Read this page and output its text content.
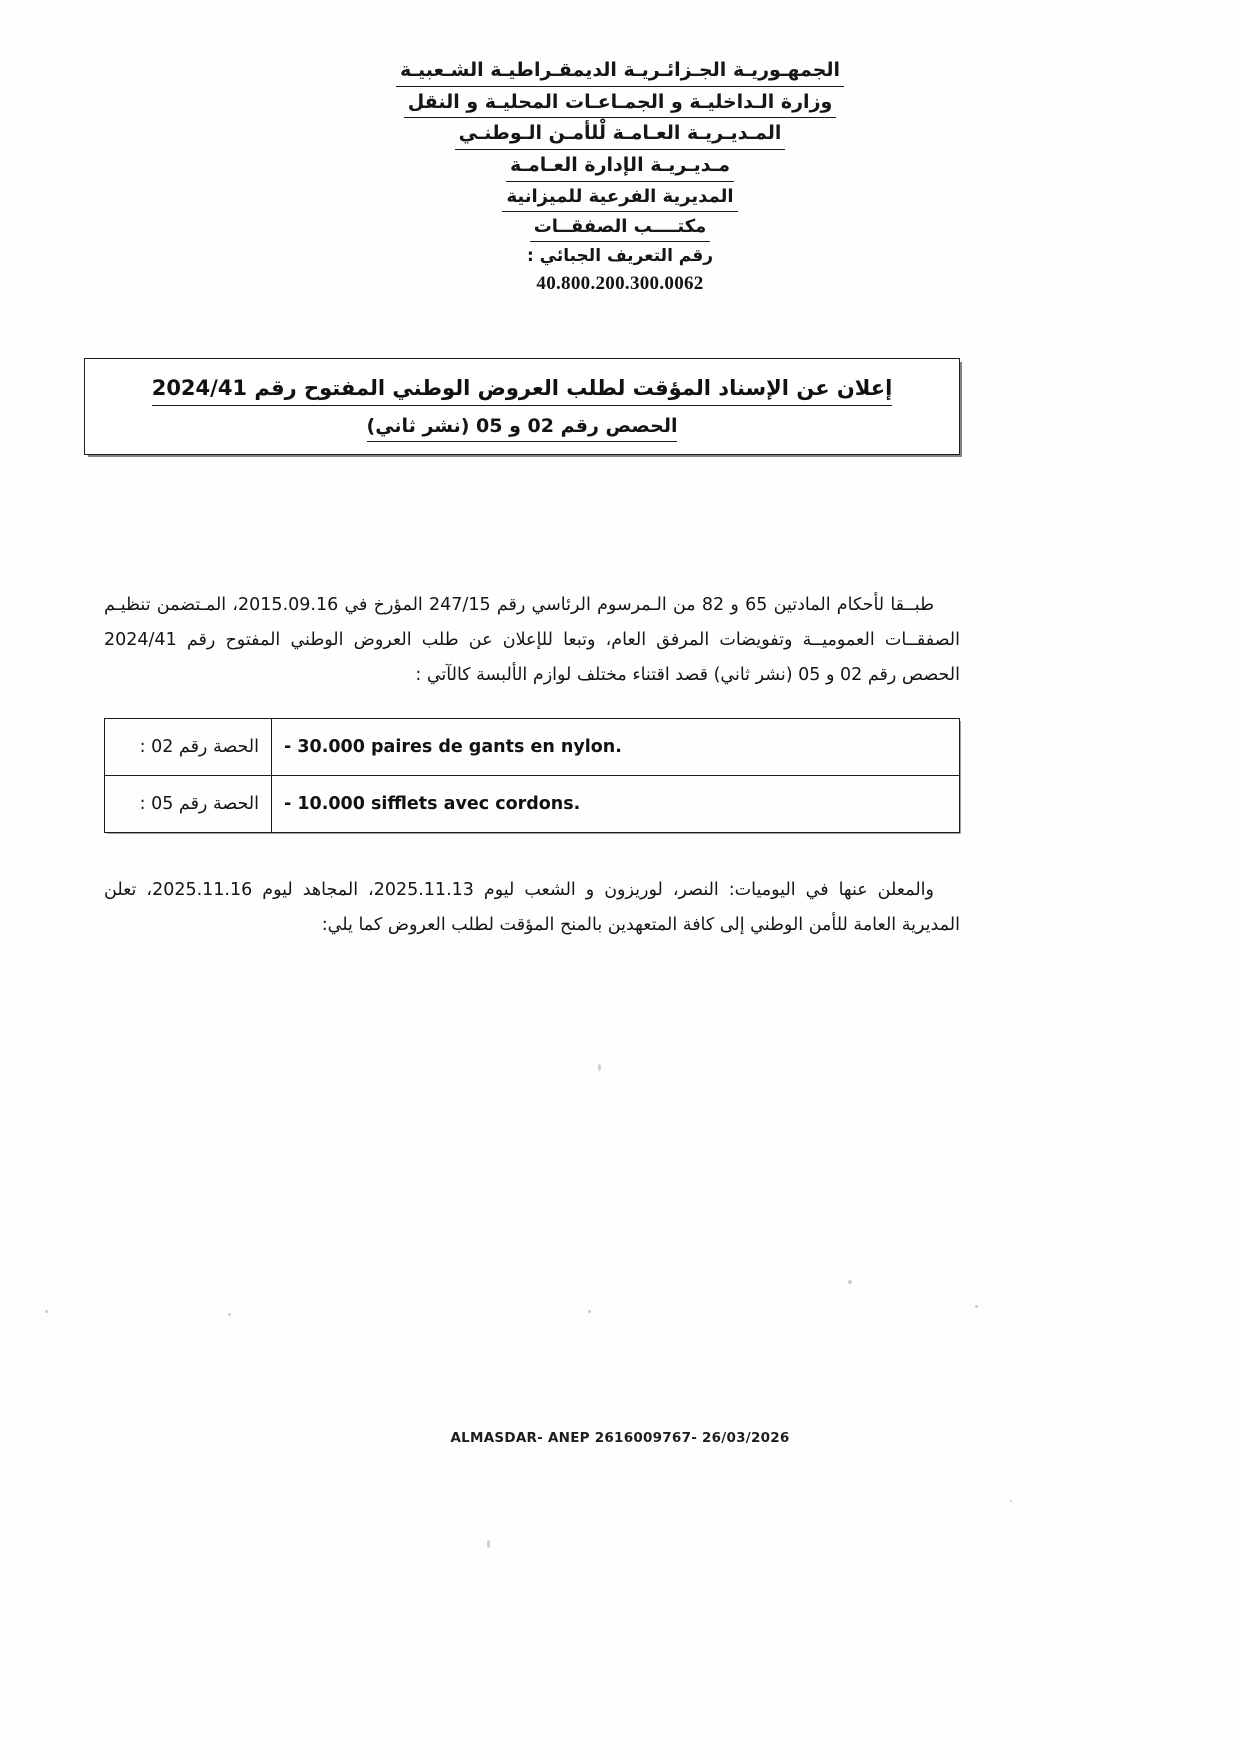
الجمهـوريـة الجـزائـريـة الديمقـراطيـة الشـعبيـة
وزارة الـداخليـة و الجمـاعـات المحليـة و النقل
المـديـريـة العـامـة لْلأمـن الـوطنـي
مـديـريـة الإدارة العـامـة
المديرية الفرعية للميزانية
مكتــــب الصفقــات
رقم التعريف الجبائي :
40.800.200.300.0062
إعلان عن الإسناد المؤقت لطلب العروض الوطني المفتوح رقم 2024/41
الحصص رقم 02 و 05 (نشر ثاني)

طبــقا لأحكام المادتين 65 و 82 من الـمرسوم الرئاسي رقم 247/15 المؤرخ في 2015.09.16، المـتضمن تنظيـم الصفقــات العموميــة وتفويضات المرفق العام، وتبعا للإعلان عن طلب العروض الوطني المفتوح رقم 2024/41 الحصص رقم 02 و 05 (نشر ثاني) قصد اقتناء مختلف لوازم الألبسة كالآتي :

- 30.000 paires de gants en nylon.	الحصة رقم 02 :
- 10.000 sifflets avec cordons.	الحصة رقم 05 :

والمعلن عنها في اليوميات: النصر، لوريزون و الشعب ليوم 2025.11.13، المجاهد ليوم 2025.11.16، تعلن المديرية العامة للأمن الوطني إلى كافة المتعهدين بالمنح المؤقت لطلب العروض كما يلي:

ALMASDAR- ANEP 2616009767- 26/03/2026
